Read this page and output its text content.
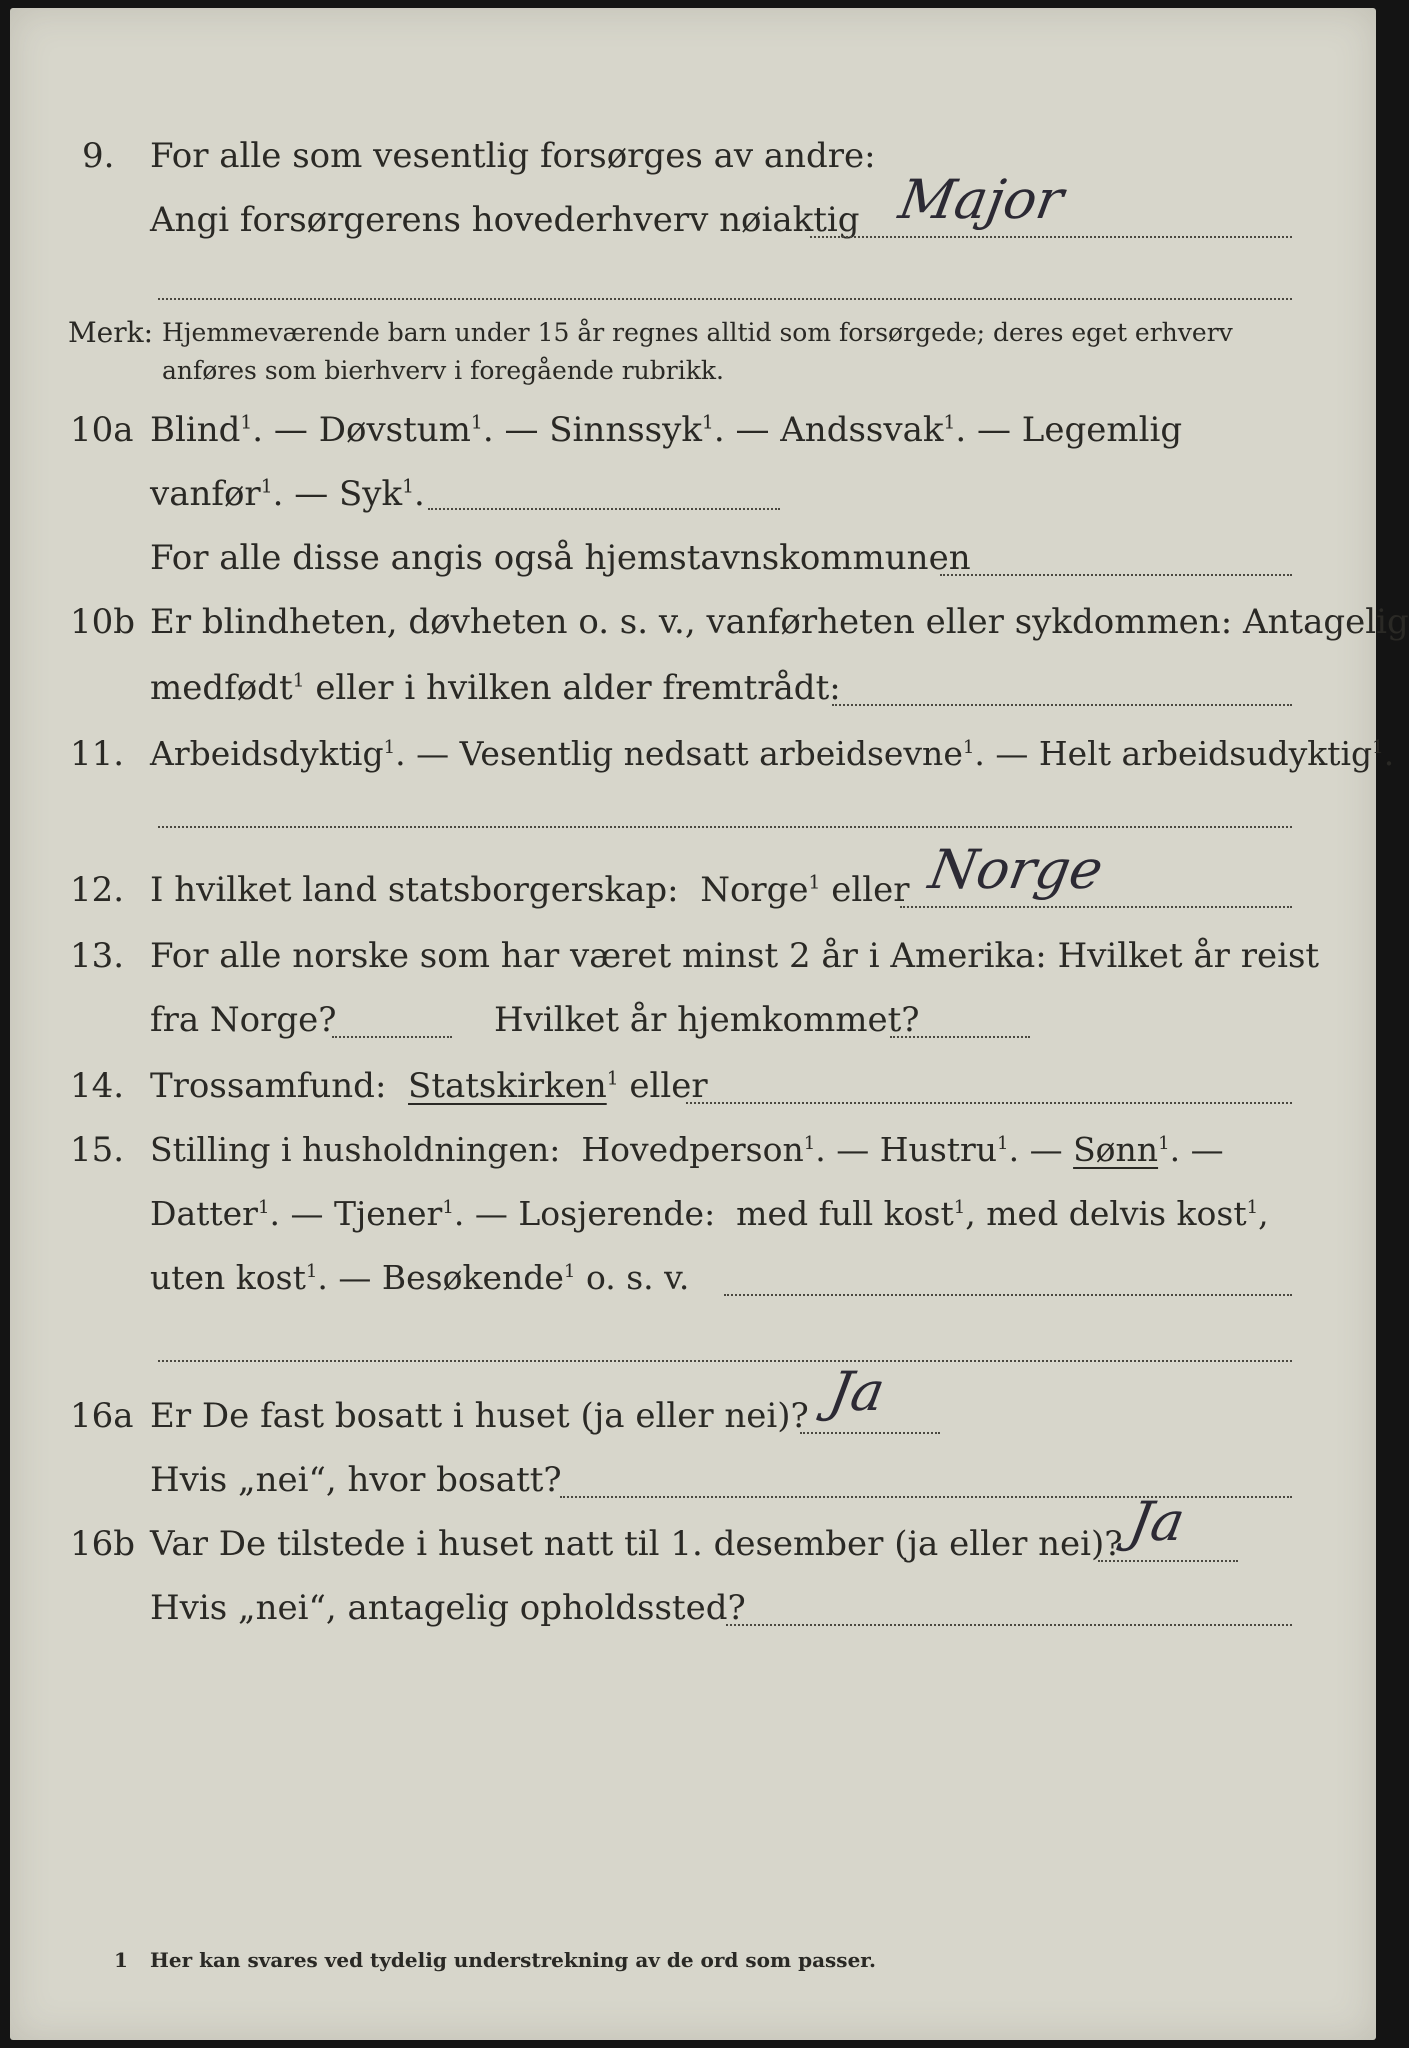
9. For alle som vesentlig forsørges av andre:
Angi forsørgerens hovederhverv nøiaktig Major
Merk: Hjemmeværende barn under 15 år regnes alltid som forsørgede; deres eget erhverv
anføres som bierhverv i foregående rubrikk.
10a Blind$^1$. — Døvstum$^1$. — Sinnssyk$^1$. — Andssvak$^1$. — Legemlig
vanfør$^1$. — Syk$^1$.
For alle disse angis også hjemstavnskommunen
10b Er blindheten, døvheten o. s. v., vanførheten eller sykdommen: Antagelig
medfødt$^1$ eller i hvilken alder fremtrådt:
11. Arbeidsdyktig$^1$. — Vesentlig nedsatt arbeidsevne$^1$. — Helt arbeidsudyktig$^1$.
12. I hvilket land statsborgerskap: Norge$^1$ eller Norge
13. For alle norske som har været minst 2 år i Amerika: Hvilket år reist
fra Norge?	Hvilket år hjemkommet?
14. Trossamfund: Statskirken$^1$ eller
15. Stilling i husholdningen: Hovedperson$^1$. — Hustru$^1$. — Sønn$^1$. —
Datter$^1$. — Tjener$^1$. — Losjerende: med full kost$^1$, med delvis kost$^1$,
uten kost$^1$. — Besøkende$^1$ o. s. v.
16a Er De fast bosatt i huset (ja eller nei)? Ja
Hvis „nei“, hvor bosatt?
16b Var De tilstede i huset natt til 1. desember (ja eller nei)? Ja
Hvis „nei“, antagelig opholdssted?
1 Her kan svares ved tydelig understrekning av de ord som passer.
